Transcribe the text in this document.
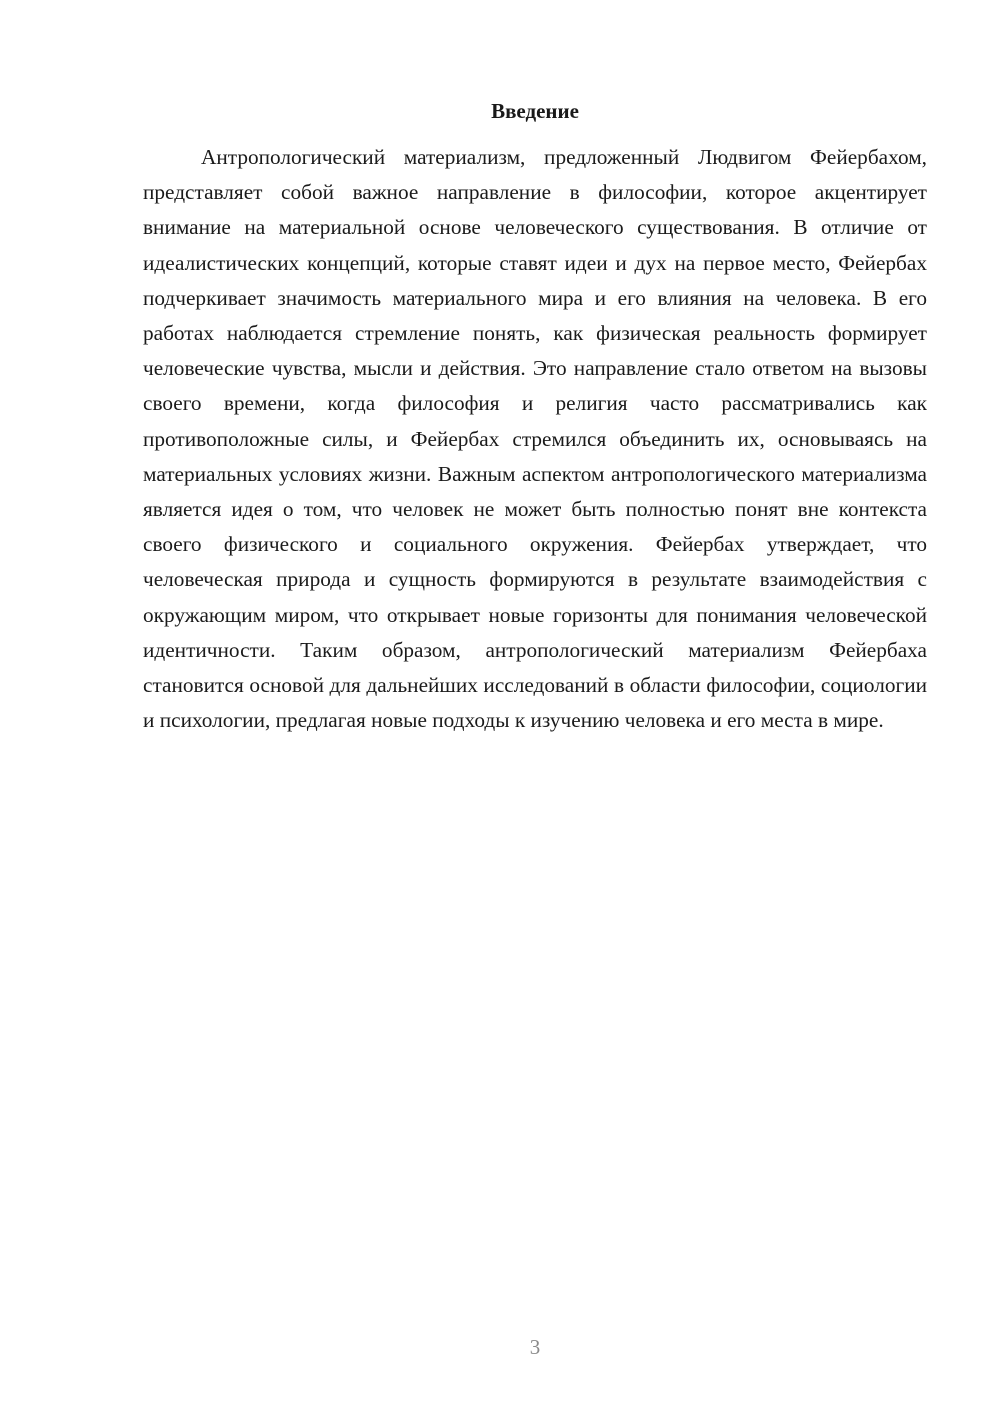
Введение

Антропологический материализм, предложенный Людвигом Фейербахом, представляет собой важное направление в философии, которое акцентирует внимание на материальной основе человеческого существования. В отличие от идеалистических концепций, которые ставят идеи и дух на первое место, Фейербах подчеркивает значимость материального мира и его влияния на человека. В его работах наблюдается стремление понять, как физическая реальность формирует человеческие чувства, мысли и действия. Это направление стало ответом на вызовы своего времени, когда философия и религия часто рассматривались как противоположные силы, и Фейербах стремился объединить их, основываясь на материальных условиях жизни. Важным аспектом антропологического материализма является идея о том, что человек не может быть полностью понят вне контекста своего физического и социального окружения. Фейербах утверждает, что человеческая природа и сущность формируются в результате взаимодействия с окружающим миром, что открывает новые горизонты для понимания человеческой идентичности. Таким образом, антропологический материализм Фейербаха становится основой для дальнейших исследований в области философии, социологии и психологии, предлагая новые подходы к изучению человека и его места в мире.

3
